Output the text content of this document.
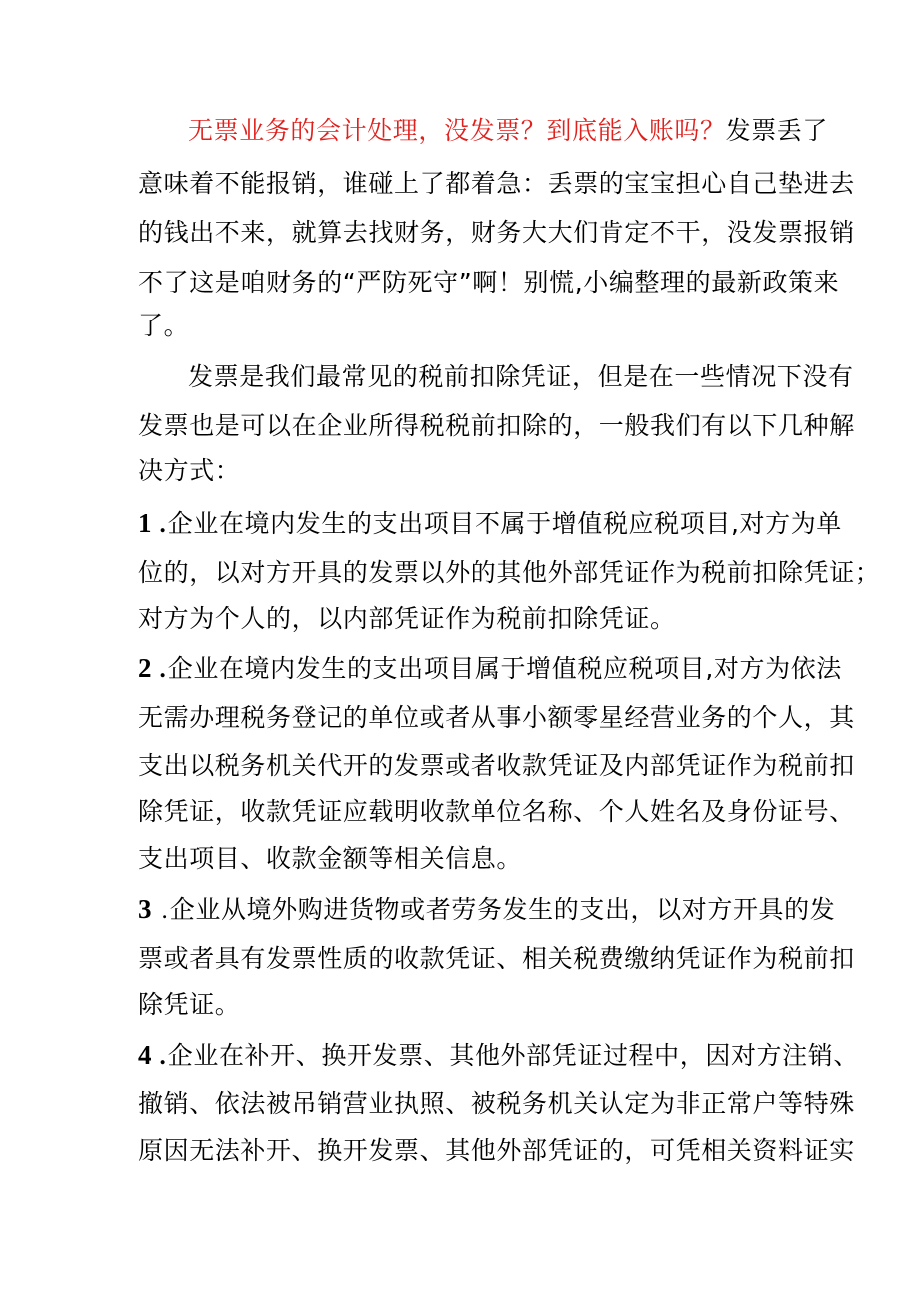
无票业务的会计处理，没发票？到底能入账吗？发票丢了
意味着不能报销，谁碰上了都着急：丢票的宝宝担心自己垫进去
的钱出不来，就算去找财务，财务大大们肯定不干，没发票报销
不了这是咱财务的“严防死守”啊！别慌,小编整理的最新政策来
了。
发票是我们最常见的税前扣除凭证，但是在一些情况下没有
发票也是可以在企业所得税税前扣除的，一般我们有以下几种解
决方式：
1 .企业在境内发生的支出项目不属于增值税应税项目,对方为单
位的，以对方开具的发票以外的其他外部凭证作为税前扣除凭证；
对方为个人的，以内部凭证作为税前扣除凭证。
2 .企业在境内发生的支出项目属于增值税应税项目,对方为依法
无需办理税务登记的单位或者从事小额零星经营业务的个人，其
支出以税务机关代开的发票或者收款凭证及内部凭证作为税前扣
除凭证，收款凭证应载明收款单位名称、个人姓名及身份证号、
支出项目、收款金额等相关信息。
3 .企业从境外购进货物或者劳务发生的支出，以对方开具的发
票或者具有发票性质的收款凭证、相关税费缴纳凭证作为税前扣
除凭证。
4 .企业在补开、换开发票、其他外部凭证过程中，因对方注销、
撤销、依法被吊销营业执照、被税务机关认定为非正常户等特殊
原因无法补开、换开发票、其他外部凭证的，可凭相关资料证实
